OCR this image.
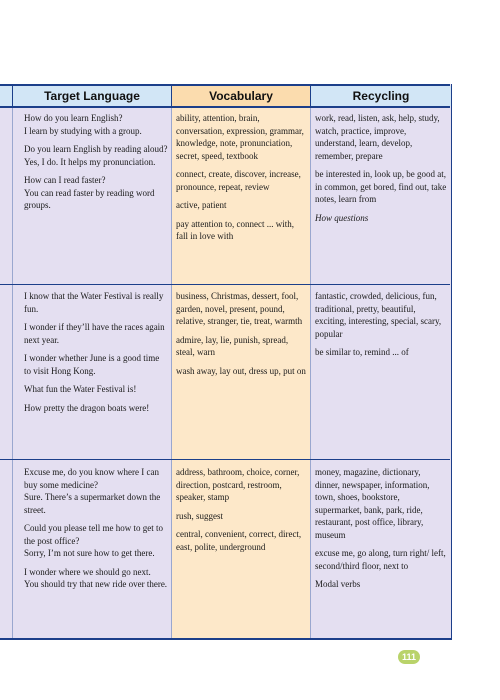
Target Language	Vocabulary	Recycling

How do you learn English?
I learn by studying with a group.

Do you learn English by reading aloud?
Yes, I do. It helps my pronunciation.

How can I read faster?
You can read faster by reading word groups.

ability, attention, brain, conversation, expression, grammar, knowledge, note, pronunciation, secret, speed, textbook

connect, create, discover, increase, pronounce, repeat, review

active, patient

pay attention to, connect ... with, fall in love with

work, read, listen, ask, help, study, watch, practice, improve, understand, learn, develop, remember, prepare

be interested in, look up, be good at, in common, get bored, find out, take notes, learn from

How questions

I know that the Water Festival is really fun.

I wonder if they’ll have the races again next year.

I wonder whether June is a good time to visit Hong Kong.

What fun the Water Festival is!

How pretty the dragon boats were!

business, Christmas, dessert, fool, garden, novel, present, pound, relative, stranger, tie, treat, warmth

admire, lay, lie, punish, spread, steal, warn

wash away, lay out, dress up, put on

fantastic, crowded, delicious, fun, traditional, pretty, beautiful, exciting, interesting, special, scary, popular

be similar to, remind ... of

Excuse me, do you know where I can buy some medicine?
Sure. There’s a supermarket down the street.

Could you please tell me how to get to the post office?
Sorry, I’m not sure how to get there.

I wonder where we should go next.
You should try that new ride over there.

address, bathroom, choice, corner, direction, postcard, restroom, speaker, stamp

rush, suggest

central, convenient, correct, direct, east, polite, underground

money, magazine, dictionary, dinner, newspaper, information, town, shoes, bookstore, supermarket, bank, park, ride, restaurant, post office, library, museum

excuse me, go along, turn right/ left, second/third floor, next to

Modal verbs

111
